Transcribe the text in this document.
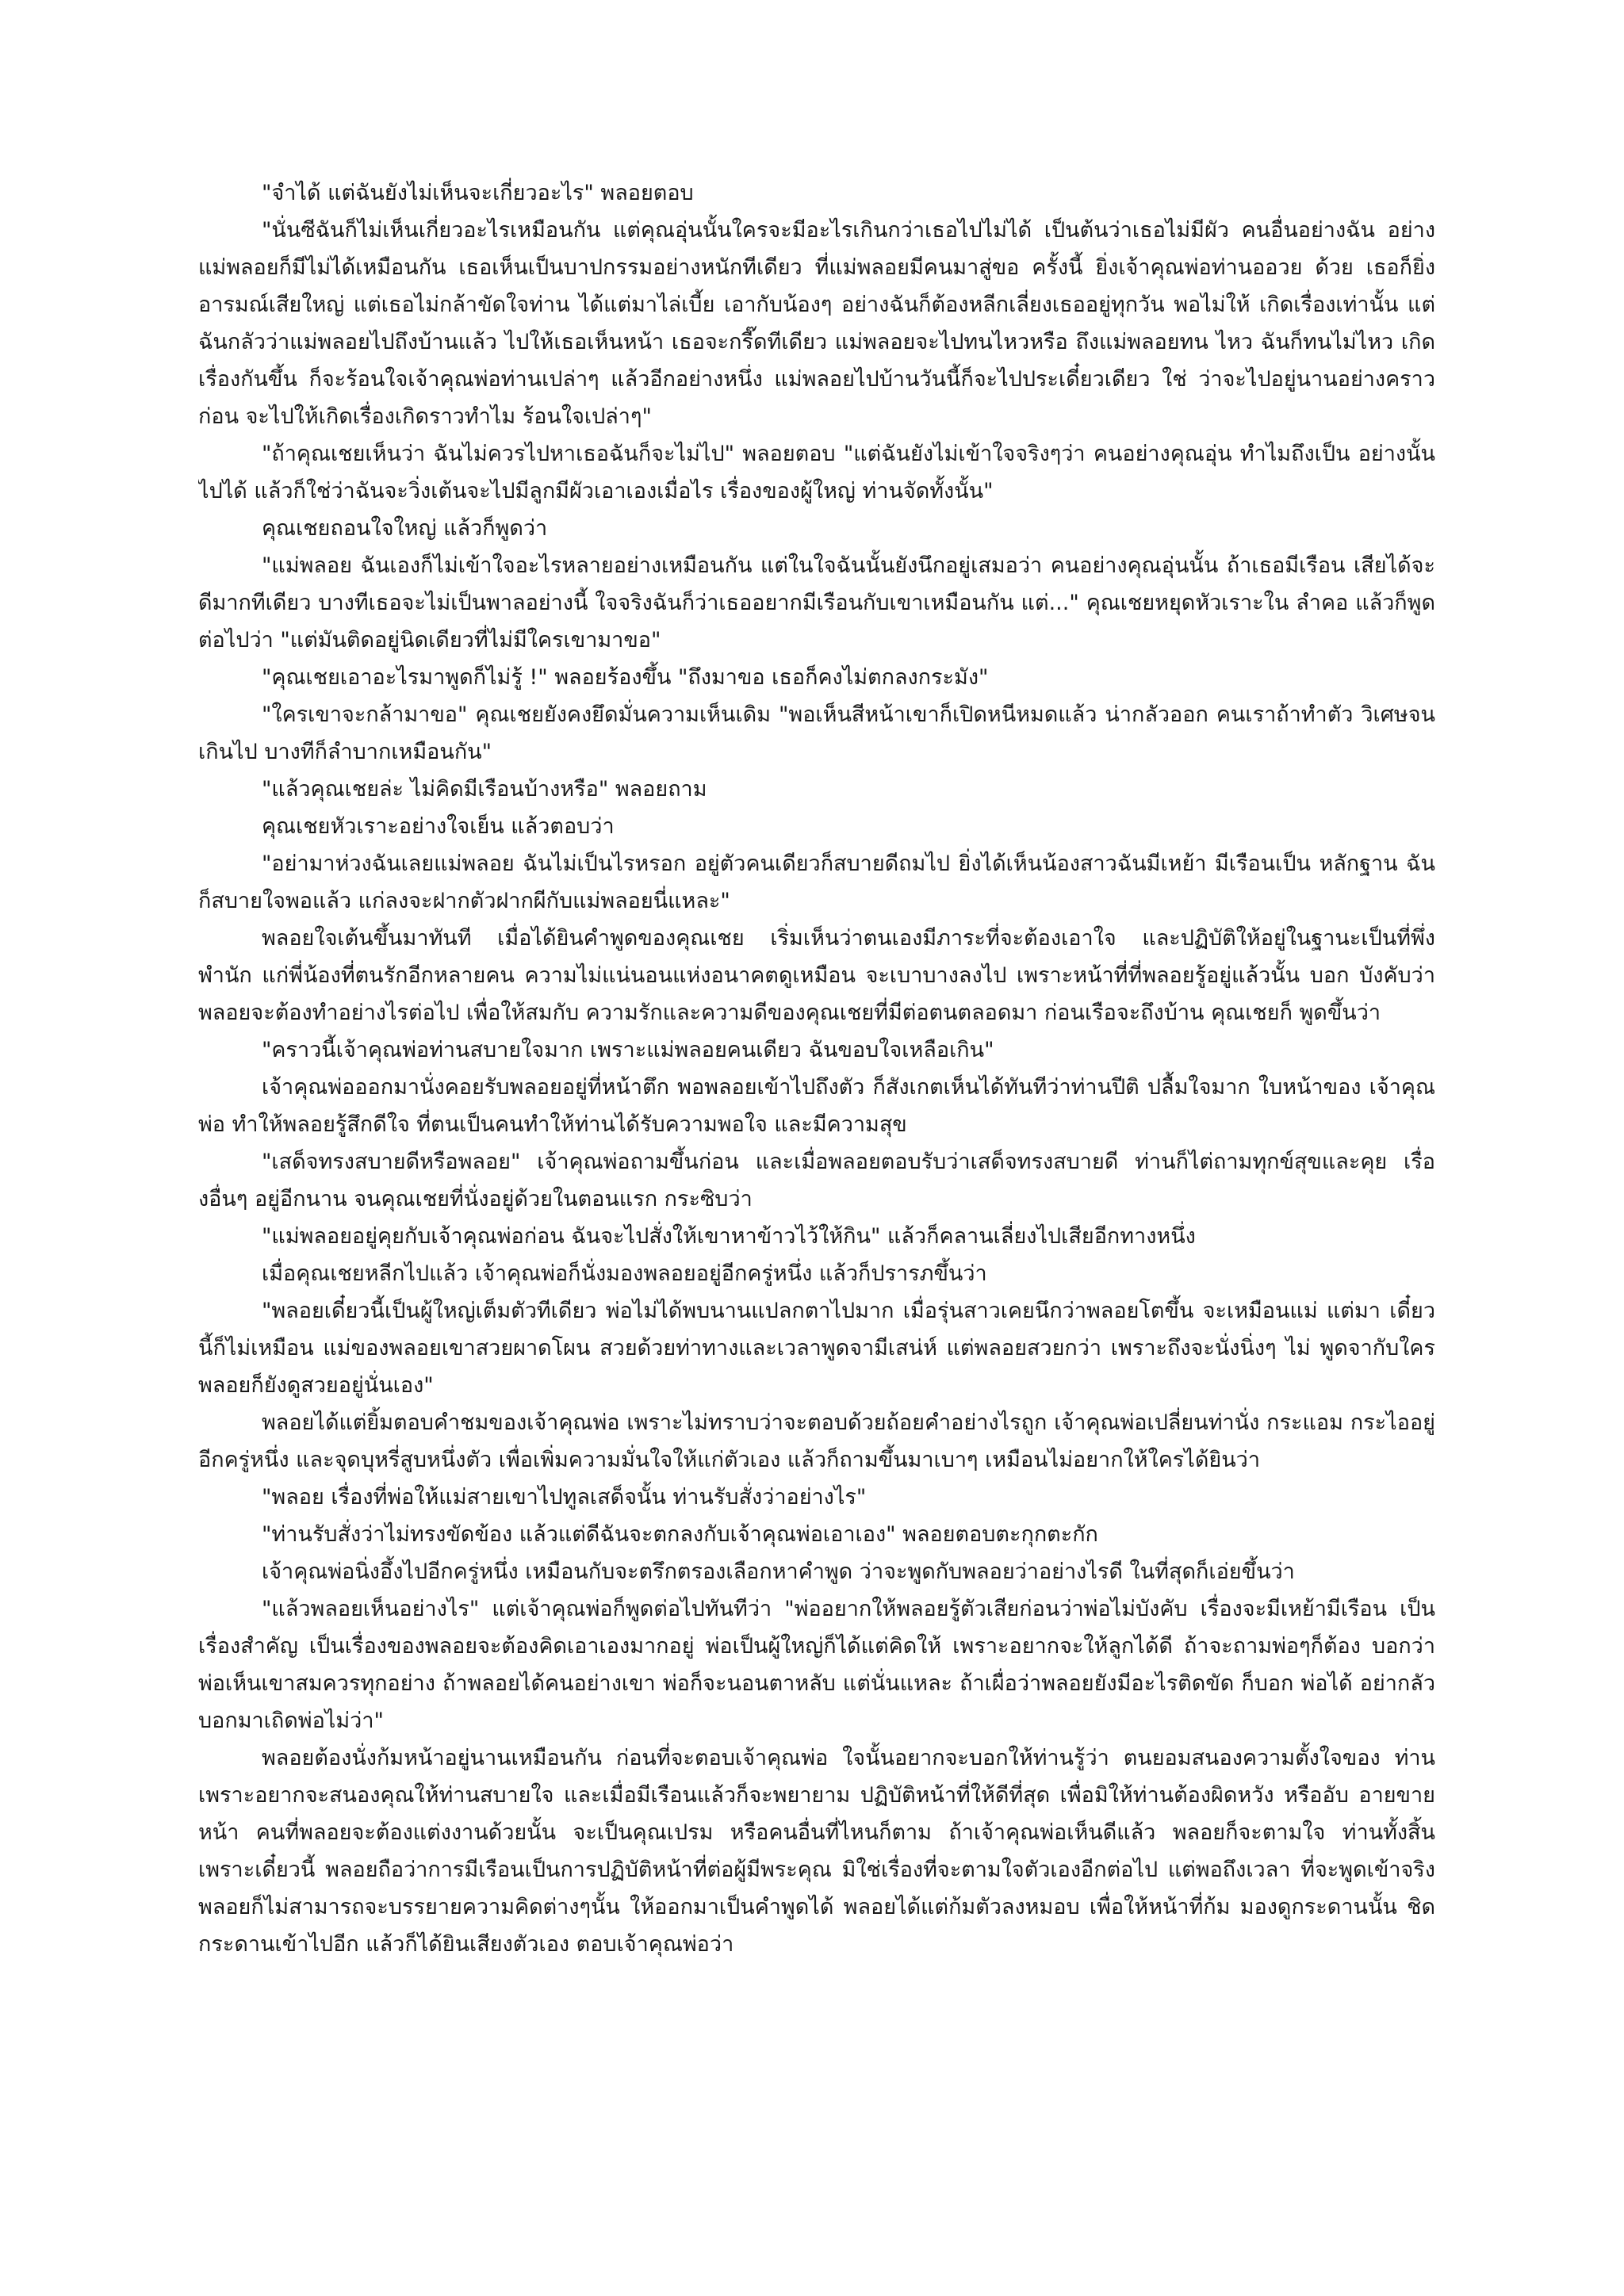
"จำได้ แต่ฉันยังไม่เห็นจะเกี่ยวอะไร" พลอยตอบ

"นั่นซีฉันก็ไม่เห็นเกี่ยวอะไรเหมือนกัน แต่คุณอุ่นนั้นใครจะมีอะไรเกินกว่าเธอไปไม่ได้ เป็นต้นว่าเธอไม่มีผัว คนอื่นอย่างฉัน อย่างแม่พลอยก็มีไม่ได้เหมือนกัน เธอเห็นเป็นบาปกรรมอย่างหนักทีเดียว ที่แม่พลอยมีคนมาสู่ขอ ครั้งนี้ ยิ่งเจ้าคุณพ่อท่านออวย ด้วย เธอก็ยิ่งอารมณ์เสียใหญ่ แต่เธอไม่กล้าขัดใจท่าน ได้แต่มาไล่เบี้ย เอากับน้องๆ อย่างฉันก็ต้องหลีกเลี่ยงเธออยู่ทุกวัน พอไม่ให้ เกิดเรื่องเท่านั้น แต่ฉันกลัวว่าแม่พลอยไปถึงบ้านแล้ว ไปให้เธอเห็นหน้า เธอจะกรี๊ดทีเดียว แม่พลอยจะไปทนไหวหรือ ถึงแม่พลอยทน ไหว ฉันก็ทนไม่ไหว เกิดเรื่องกันขึ้น ก็จะร้อนใจเจ้าคุณพ่อท่านเปล่าๆ แล้วอีกอย่างหนึ่ง แม่พลอยไปบ้านวันนี้ก็จะไปประเดี๋ยวเดียว ใช่ ว่าจะไปอยู่นานอย่างคราวก่อน จะไปให้เกิดเรื่องเกิดราวทำไม ร้อนใจเปล่าๆ"

"ถ้าคุณเชยเห็นว่า ฉันไม่ควรไปหาเธอฉันก็จะไม่ไป" พลอยตอบ "แต่ฉันยังไม่เข้าใจจริงๆว่า คนอย่างคุณอุ่น ทำไมถึงเป็น อย่างนั้นไปได้ แล้วก็ใช่ว่าฉันจะวิ่งเต้นจะไปมีลูกมีผัวเอาเองเมื่อไร เรื่องของผู้ใหญ่ ท่านจัดทั้งนั้น"

คุณเชยถอนใจใหญ่ แล้วก็พูดว่า

"แม่พลอย ฉันเองก็ไม่เข้าใจอะไรหลายอย่างเหมือนกัน แต่ในใจฉันนั้นยังนึกอยู่เสมอว่า คนอย่างคุณอุ่นนั้น ถ้าเธอมีเรือน เสียได้จะดีมากทีเดียว บางทีเธอจะไม่เป็นพาลอย่างนี้ ใจจริงฉันก็ว่าเธออยากมีเรือนกับเขาเหมือนกัน แต่..." คุณเชยหยุดหัวเราะใน ลำคอ แล้วก็พูดต่อไปว่า "แต่มันติดอยู่นิดเดียวที่ไม่มีใครเขามาขอ"

"คุณเชยเอาอะไรมาพูดก็ไม่รู้ !" พลอยร้องขึ้น "ถึงมาขอ เธอก็คงไม่ตกลงกระมัง"

"ใครเขาจะกล้ามาขอ" คุณเชยยังคงยึดมั่นความเห็นเดิม "พอเห็นสีหน้าเขาก็เปิดหนีหมดแล้ว น่ากลัวออก คนเราถ้าทำตัว วิเศษจนเกินไป บางทีก็ลำบากเหมือนกัน"

"แล้วคุณเชยล่ะ ไม่คิดมีเรือนบ้างหรือ" พลอยถาม

คุณเชยหัวเราะอย่างใจเย็น แล้วตอบว่า

"อย่ามาห่วงฉันเลยแม่พลอย ฉันไม่เป็นไรหรอก อยู่ตัวคนเดียวก็สบายดีถมไป ยิ่งได้เห็นน้องสาวฉันมีเหย้า มีเรือนเป็น หลักฐาน ฉันก็สบายใจพอแล้ว แก่ลงจะฝากตัวฝากผีกับแม่พลอยนี่แหละ"

พลอยใจเต้นขึ้นมาทันที เมื่อได้ยินคำพูดของคุณเชย เริ่มเห็นว่าตนเองมีภาระที่จะต้องเอาใจ และปฏิบัติให้อยู่ในฐานะเป็นที่พึ่ง พำนัก แก่พี่น้องที่ตนรักอีกหลายคน ความไม่แน่นอนแห่งอนาคตดูเหมือน จะเบาบางลงไป เพราะหน้าที่ที่พลอยรู้อยู่แล้วนั้น บอก บังคับว่าพลอยจะต้องทำอย่างไรต่อไป เพื่อให้สมกับ ความรักและความดีของคุณเชยที่มีต่อตนตลอดมา ก่อนเรือจะถึงบ้าน คุณเชยก็ พูดขึ้นว่า

"คราวนี้เจ้าคุณพ่อท่านสบายใจมาก เพราะแม่พลอยคนเดียว ฉันขอบใจเหลือเกิน"

เจ้าคุณพ่อออกมานั่งคอยรับพลอยอยู่ที่หน้าตึก พอพลอยเข้าไปถึงตัว ก็สังเกตเห็นได้ทันทีว่าท่านปีติ ปลื้มใจมาก ใบหน้าของ เจ้าคุณพ่อ ทำให้พลอยรู้สึกดีใจ ที่ตนเป็นคนทำให้ท่านได้รับความพอใจ และมีความสุข

"เสด็จทรงสบายดีหรือพลอย" เจ้าคุณพ่อถามขึ้นก่อน และเมื่อพลอยตอบรับว่าเสด็จทรงสบายดี ท่านก็ไต่ถามทุกข์สุขและคุย เรื่องอื่นๆ อยู่อีกนาน จนคุณเชยที่นั่งอยู่ด้วยในตอนแรก กระซิบว่า

"แม่พลอยอยู่คุยกับเจ้าคุณพ่อก่อน ฉันจะไปสั่งให้เขาหาข้าวไว้ให้กิน" แล้วก็คลานเลี่ยงไปเสียอีกทางหนึ่ง

เมื่อคุณเชยหลีกไปแล้ว เจ้าคุณพ่อก็นั่งมองพลอยอยู่อีกครู่หนึ่ง แล้วก็ปรารภขึ้นว่า

"พลอยเดี๋ยวนี้เป็นผู้ใหญ่เต็มตัวทีเดียว พ่อไม่ได้พบนานแปลกตาไปมาก เมื่อรุ่นสาวเคยนึกว่าพลอยโตขึ้น จะเหมือนแม่ แต่มา เดี๋ยวนี้ก็ไม่เหมือน แม่ของพลอยเขาสวยผาดโผน สวยด้วยท่าทางและเวลาพูดจามีเสน่ห์ แต่พลอยสวยกว่า เพราะถึงจะนั่งนิ่งๆ ไม่ พูดจากับใคร พลอยก็ยังดูสวยอยู่นั่นเอง"

พลอยได้แต่ยิ้มตอบคำชมของเจ้าคุณพ่อ เพราะไม่ทราบว่าจะตอบด้วยถ้อยคำอย่างไรถูก เจ้าคุณพ่อเปลี่ยนท่านั่ง กระแอม กระไออยู่อีกครู่หนึ่ง และจุดบุหรี่สูบหนึ่งตัว เพื่อเพิ่มความมั่นใจให้แก่ตัวเอง แล้วก็ถามขึ้นมาเบาๆ เหมือนไม่อยากให้ใครได้ยินว่า

"พลอย เรื่องที่พ่อให้แม่สายเขาไปทูลเสด็จนั้น ท่านรับสั่งว่าอย่างไร"

"ท่านรับสั่งว่าไม่ทรงขัดข้อง แล้วแต่ดีฉันจะตกลงกับเจ้าคุณพ่อเอาเอง" พลอยตอบตะกุกตะกัก

เจ้าคุณพ่อนิ่งอึ้งไปอีกครู่หนึ่ง เหมือนกับจะตรึกตรองเลือกหาคำพูด ว่าจะพูดกับพลอยว่าอย่างไรดี ในที่สุดก็เอ่ยขึ้นว่า

"แล้วพลอยเห็นอย่างไร" แต่เจ้าคุณพ่อก็พูดต่อไปทันทีว่า "พ่ออยากให้พลอยรู้ตัวเสียก่อนว่าพ่อไม่บังคับ เรื่องจะมีเหย้ามีเรือน เป็นเรื่องสำคัญ เป็นเรื่องของพลอยจะต้องคิดเอาเองมากอยู่ พ่อเป็นผู้ใหญ่ก็ได้แต่คิดให้ เพราะอยากจะให้ลูกได้ดี ถ้าจะถามพ่อๆก็ต้อง บอกว่า พ่อเห็นเขาสมควรทุกอย่าง ถ้าพลอยได้คนอย่างเขา พ่อก็จะนอนตาหลับ แต่นั่นแหละ ถ้าเผื่อว่าพลอยยังมีอะไรติดขัด ก็บอก พ่อได้ อย่ากลัว บอกมาเถิดพ่อไม่ว่า"

พลอยต้องนั่งก้มหน้าอยู่นานเหมือนกัน ก่อนที่จะตอบเจ้าคุณพ่อ ใจนั้นอยากจะบอกให้ท่านรู้ว่า ตนยอมสนองความตั้งใจของ ท่าน เพราะอยากจะสนองคุณให้ท่านสบายใจ และเมื่อมีเรือนแล้วก็จะพยายาม ปฏิบัติหน้าที่ให้ดีที่สุด เพื่อมิให้ท่านต้องผิดหวัง หรืออับ อายขายหน้า คนที่พลอยจะต้องแต่งงานด้วยนั้น จะเป็นคุณเปรม หรือคนอื่นที่ไหนก็ตาม ถ้าเจ้าคุณพ่อเห็นดีแล้ว พลอยก็จะตามใจ ท่านทั้งสิ้น เพราะเดี๋ยวนี้ พลอยถือว่าการมีเรือนเป็นการปฏิบัติหน้าที่ต่อผู้มีพระคุณ มิใช่เรื่องที่จะตามใจตัวเองอีกต่อไป แต่พอถึงเวลา ที่จะพูดเข้าจริง พลอยก็ไม่สามารถจะบรรยายความคิดต่างๆนั้น ให้ออกมาเป็นคำพูดได้ พลอยได้แต่ก้มตัวลงหมอบ เพื่อให้หน้าที่ก้ม มองดูกระดานนั้น ชิดกระดานเข้าไปอีก แล้วก็ได้ยินเสียงตัวเอง ตอบเจ้าคุณพ่อว่า
